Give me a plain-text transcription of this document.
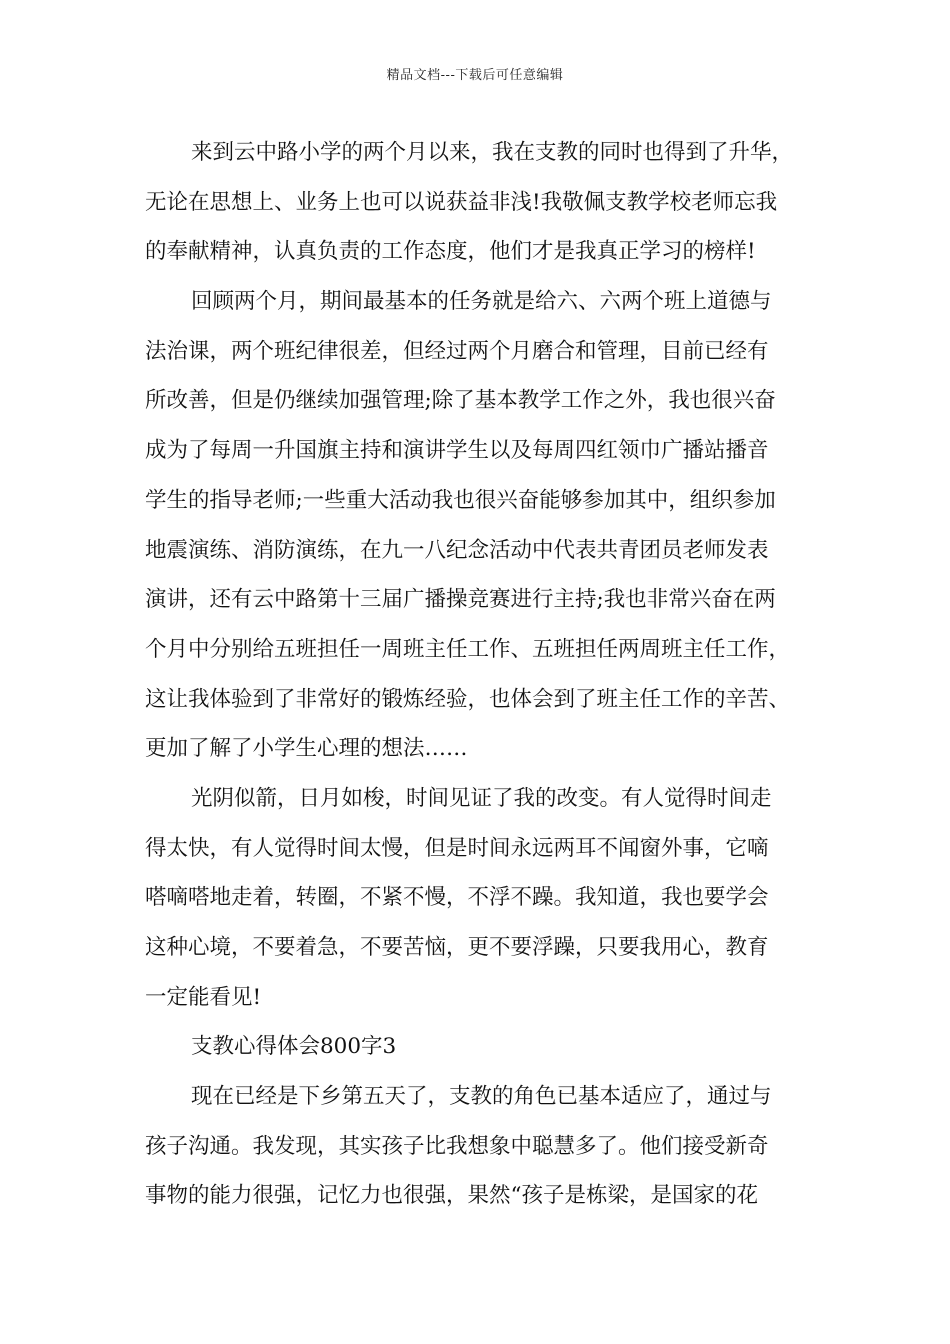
精品文档---下载后可任意编辑
来到云中路小学的两个月以来，我在支教的同时也得到了升华，
无论在思想上、业务上也可以说获益非浅!我敬佩支教学校老师忘我
的奉献精神，认真负责的工作态度，他们才是我真正学习的榜样!
回顾两个月，期间最基本的任务就是给六、六两个班上道德与
法治课，两个班纪律很差，但经过两个月磨合和管理，目前已经有
所改善，但是仍继续加强管理;除了基本教学工作之外，我也很兴奋
成为了每周一升国旗主持和演讲学生以及每周四红领巾广播站播音
学生的指导老师;一些重大活动我也很兴奋能够参加其中，组织参加
地震演练、消防演练，在九一八纪念活动中代表共青团员老师发表
演讲，还有云中路第十三届广播操竞赛进行主持;我也非常兴奋在两
个月中分别给五班担任一周班主任工作、五班担任两周班主任工作，
这让我体验到了非常好的锻炼经验，也体会到了班主任工作的辛苦、
更加了解了小学生心理的想法……
光阴似箭，日月如梭，时间见证了我的改变。有人觉得时间走
得太快，有人觉得时间太慢，但是时间永远两耳不闻窗外事，它嘀
嗒嘀嗒地走着，转圈，不紧不慢，不浮不躁。我知道，我也要学会
这种心境，不要着急，不要苦恼，更不要浮躁，只要我用心，教育
一定能看见!
支教心得体会800字3
现在已经是下乡第五天了，支教的角色已基本适应了，通过与
孩子沟通。我发现，其实孩子比我想象中聪慧多了。他们接受新奇
事物的能力很强，记忆力也很强，果然“孩子是栋梁，是国家的花
